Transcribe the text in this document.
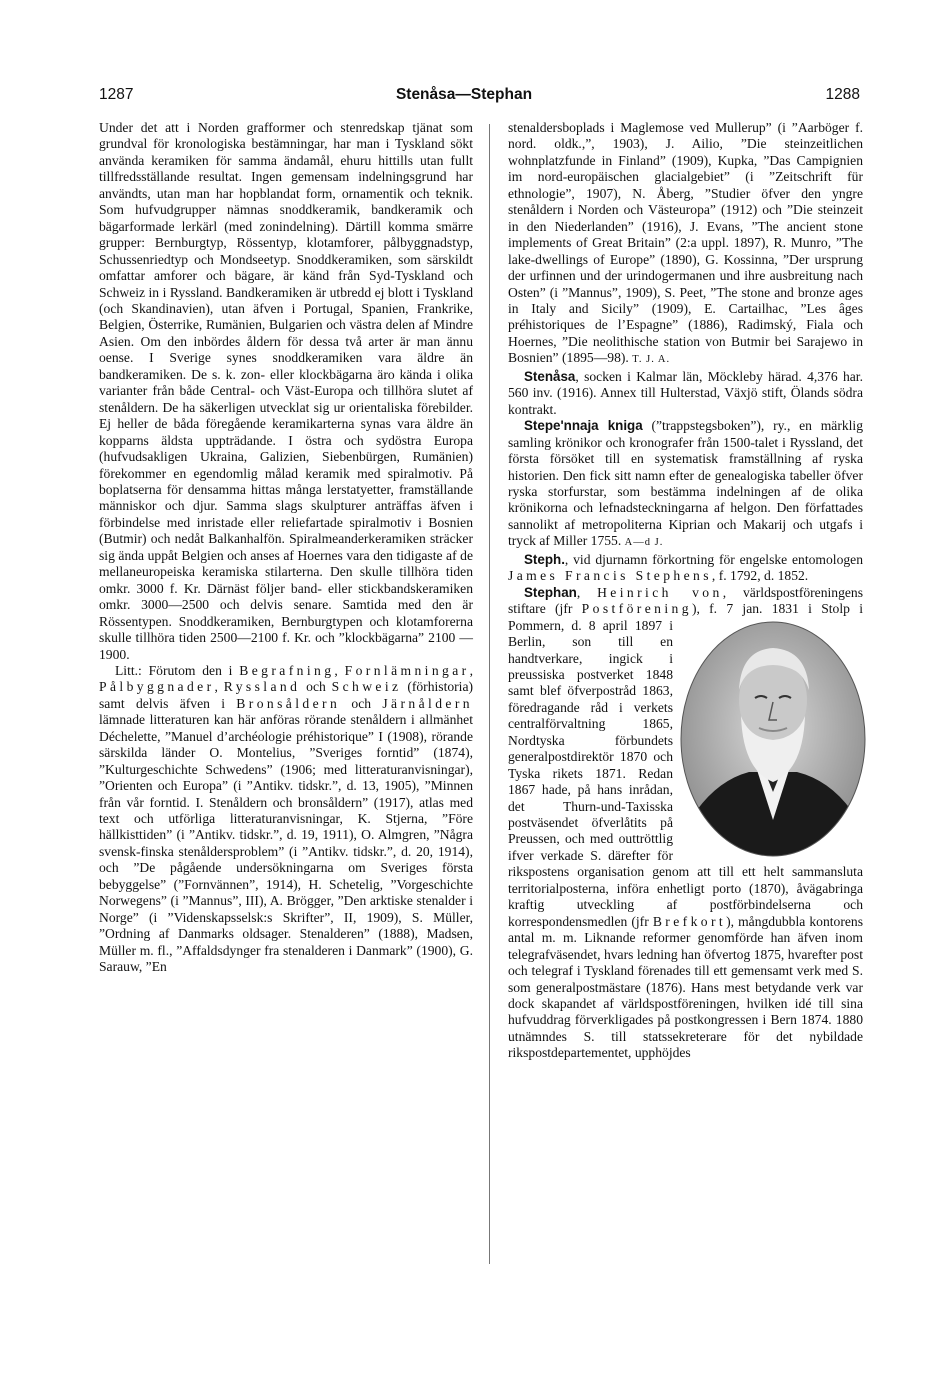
1287	Stenåsa—Stephan	1288

Under det att i Norden grafformer och stenredskap tjänat som grundval för kronologiska bestämningar, har man i Tyskland sökt använda keramiken för samma ändamål, ehuru hittills utan fullt tillfredsställande resultat. Ingen gemensam indelningsgrund har användts, utan man har hopblandat form, ornamentik och teknik. Som hufvudgrupper nämnas snoddkeramik, bandkeramik och bägarformade lerkärl (med zonindelning). Därtill komma smärre grupper: Bernburgtyp, Rössentyp, klotamforer, pålbyggnadstyp, Schussenriedtyp och Mondseetyp. Snoddkeramiken, som särskildt omfattar amforer och bägare, är känd från Syd-Tyskland och Schweiz in i Ryssland. Bandkeramiken är utbredd ej blott i Tyskland (och Skandinavien), utan äfven i Portugal, Spanien, Frankrike, Belgien, Österrike, Rumänien, Bulgarien och västra delen af Mindre Asien. Om den inbördes åldern för dessa två arter är man ännu oense. I Sverige synes snoddkeramiken vara äldre än bandkeramiken. De s. k. zon- eller klockbägarna äro kända i olika varianter från både Central- och Väst-Europa och tillhöra slutet af stenåldern. De ha säkerligen utvecklat sig ur orientaliska förebilder. Ej heller de båda föregående keramikarterna synas vara äldre än kopparns äldsta uppträdande. I östra och sydöstra Europa (hufvudsakligen Ukraina, Galizien, Siebenbürgen, Rumänien) förekommer en egendomlig målad keramik med spiralmotiv. På boplatserna för densamma hittas många lerstatyetter, framställande människor och djur. Samma slags skulpturer anträffas äfven i förbindelse med inristade eller reliefartade spiralmotiv i Bosnien (Butmir) och nedåt Balkanhalfön. Spiralmeanderkeramiken sträcker sig ända uppåt Belgien och anses af Hoernes vara den tidigaste af de mellaneuropeiska keramiska stilarterna. Den skulle tillhöra tiden omkr. 3000 f. Kr. Därnäst följer band- eller stickbandskeramiken omkr. 3000—2500 och delvis senare. Samtida med den är Rössentypen. Snoddkeramiken, Bernburgtypen och klotamforerna skulle tillhöra tiden 2500—2100 f. Kr. och ”klockbägarna” 2100 —1900.

Litt.: Förutom den i Begrafning, Fornlämningar, Pålbyggnader, Ryssland och Schweiz (förhistoria) samt delvis äfven i Bronsåldern och Järnåldern lämnade litteraturen kan här anföras rörande stenåldern i allmänhet Déchelette, ”Manuel d’archéologie préhistorique” I (1908), rörande särskilda länder O. Montelius, ”Sveriges forntid” (1874), ”Kulturgeschichte Schwedens” (1906; med litteraturanvisningar), ”Orienten och Europa” (i ”Antikv. tidskr.”, d. 13, 1905), ”Minnen från vår forntid. I. Stenåldern och bronsåldern” (1917), atlas med text och utförliga litteraturanvisningar, K. Stjerna, ”Före hällkisttiden” (i ”Antikv. tidskr.”, d. 19, 1911), O. Almgren, ”Några svensk-finska stenåldersproblem” (i ”Antikv. tidskr.”, d. 20, 1914), och ”De pågående undersökningarna om Sveriges första bebyggelse” (”Fornvännen”, 1914), H. Schetelig, ”Vorgeschichte Norwegens” (i ”Mannus”, III), A. Brögger, ”Den arktiske stenalder i Norge” (i ”Videnskapsselsk:s Skrifter”, II, 1909), S. Müller, ”Ordning af Danmarks oldsager. Stenalderen” (1888), Madsen, Müller m. fl., ”Affaldsdynger fra stenalderen i Danmark” (1900), G. Sarauw, ”En

stenaldersboplads i Maglemose ved Mullerup” (i ”Aarböger f. nord. oldk.,”, 1903), J. Ailio, ”Die steinzeitlichen wohnplatzfunde in Finland” (1909), Kupka, ”Das Campignien im nord-europäischen glacialgebiet” (i ”Zeitschrift für ethnologie”, 1907), N. Åberg, ”Studier öfver den yngre stenåldern i Norden och Västeuropa” (1912) och ”Die steinzeit in den Niederlanden” (1916), J. Evans, ”The ancient stone implements of Great Britain” (2:a uppl. 1897), R. Munro, ”The lake-dwellings of Europe” (1890), G. Kossinna, ”Der ursprung der urfinnen und der urindogermanen und ihre ausbreitung nach Osten” (i ”Mannus”, 1909), S. Peet, ”The stone and bronze ages in Italy and Sicily” (1909), E. Cartailhac, ”Les âges préhistoriques de l’Espagne” (1886), Radimský, Fiala och Hoernes, ”Die neolithische station von Butmir bei Sarajewo in Bosnien” (1895—98). T. J. A.

Stenåsa, socken i Kalmar län, Möckleby härad. 4,376 har. 560 inv. (1916). Annex till Hulterstad, Växjö stift, Ölands södra kontrakt.

Stepe'nnaja kniga (”trappstegsboken”), ry., en märklig samling krönikor och kronografer från 1500-talet i Ryssland, det första försöket till en systematisk framställning af ryska historien. Den fick sitt namn efter de genealogiska tabeller öfver ryska storfurstar, som bestämma indelningen af de olika krönikorna och lefnadsteckningarna af helgon. Den författades sannolikt af metropoliterna Kiprian och Makarij och utgafs i tryck af Miller 1755. A—d J.

Steph., vid djurnamn förkortning för engelske entomologen James Francis Stephens, f. 1792, d. 1852.

Stephan, Heinrich von, världspostföreningens stiftare (jfr Postförening
), f. 7 jan. 1831 i Stolp i Pommern, d. 8 april 1897 i Berlin, son till en handtverkare, ingick i preussiska postverket 1848 samt blef öfverpostråd 1863, föredragande råd i verkets centralförvaltning 1865, Nordtyska förbundets generalpostdirektör 1870 och Tyska rikets 1871. Redan 1867 hade, på hans inrådan, det Thurn-und-Taxisska postväsendet öfverlåtits på Preussen, och med outtröttlig ifver verkade S. därefter för rikspostens organisation genom att till ett helt sammansluta territorialposterna, införa enhetligt porto (1870), åvägabringa kraftig utveckling af postförbindelserna och korrespondensmedlen (jfr Brefkort), mångdubbla kontorens antal m. m. Liknande reformer genomförde han äfven inom telegrafväsendet, hvars ledning han öfvertog 1875, hvarefter post och telegraf i Tyskland förenades till ett gemensamt verk med S. som generalpostmästare (1876). Hans mest betydande verk var dock skapandet af världspostföreningen, hvilken idé till sina hufvuddrag förverkligades på postkongressen i Bern 1874. 1880 utnämndes S. till statssekreterare för det nybildade rikspostdepartementet, upphöjdes
